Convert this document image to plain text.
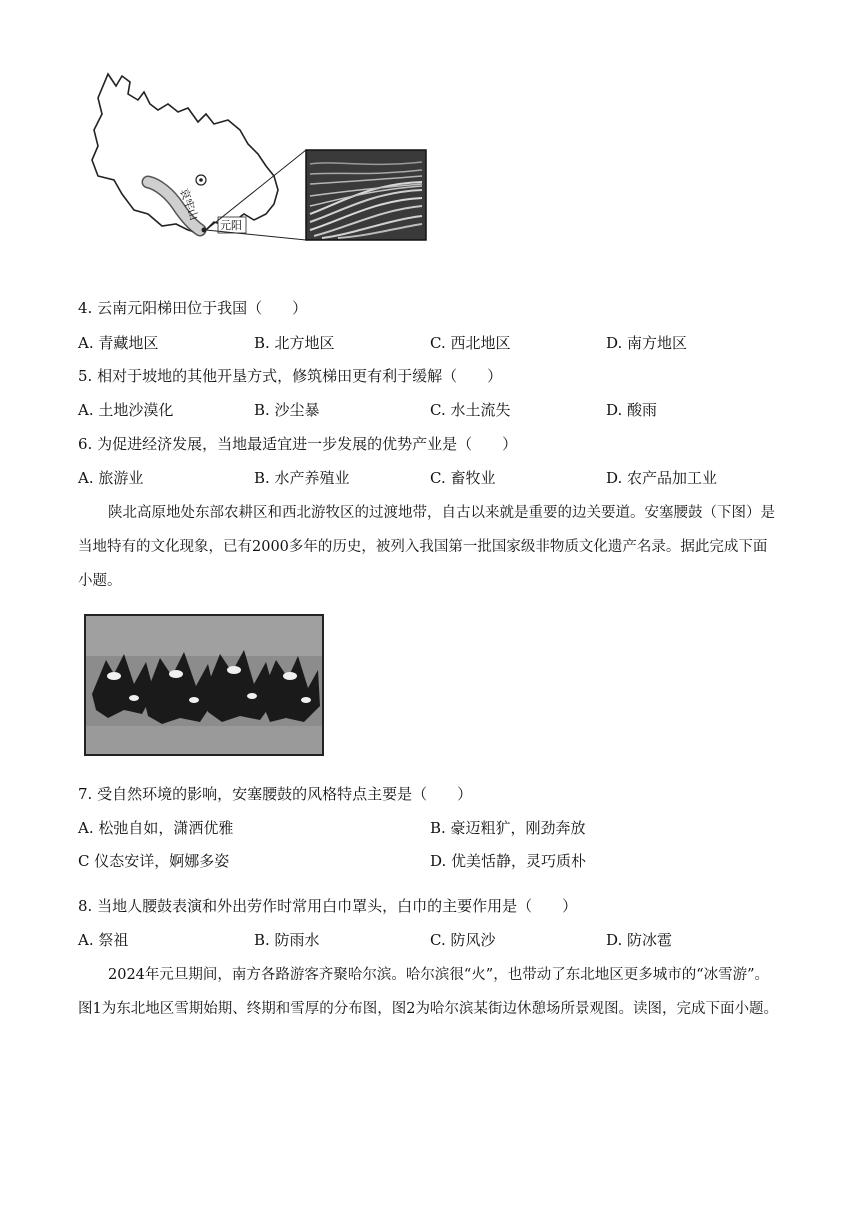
哀牢山
元阳
4. 云南元阳梯田位于我国（　　）
A. 青藏地区	B. 北方地区	C. 西北地区	D. 南方地区
5. 相对于坡地的其他开垦方式，修筑梯田更有利于缓解（　　）
A. 土地沙漠化	B. 沙尘暴	C. 水土流失	D. 酸雨
6. 为促进经济发展，当地最适宜进一步发展的优势产业是（　　）
A. 旅游业	B. 水产养殖业	C. 畜牧业	D. 农产品加工业
陕北高原地处东部农耕区和西北游牧区的过渡地带，自古以来就是重要的边关要道。安塞腰鼓（下图）是当地特有的文化现象，已有2000多年的历史，被列入我国第一批国家级非物质文化遗产名录。据此完成下面小题。
7. 受自然环境的影响，安塞腰鼓的风格特点主要是（　　）
A. 松弛自如，潇洒优雅	B. 豪迈粗犷，刚劲奔放
C 仪态安详，婀娜多姿	D. 优美恬静，灵巧质朴
8. 当地人腰鼓表演和外出劳作时常用白巾罩头，白巾的主要作用是（　　）
A. 祭祖	B. 防雨水	C. 防风沙	D. 防冰雹
2024年元旦期间，南方各路游客齐聚哈尔滨。哈尔滨很“火”，也带动了东北地区更多城市的“冰雪游”。图1为东北地区雪期始期、终期和雪厚的分布图，图2为哈尔滨某街边休憩场所景观图。读图，完成下面小题。
